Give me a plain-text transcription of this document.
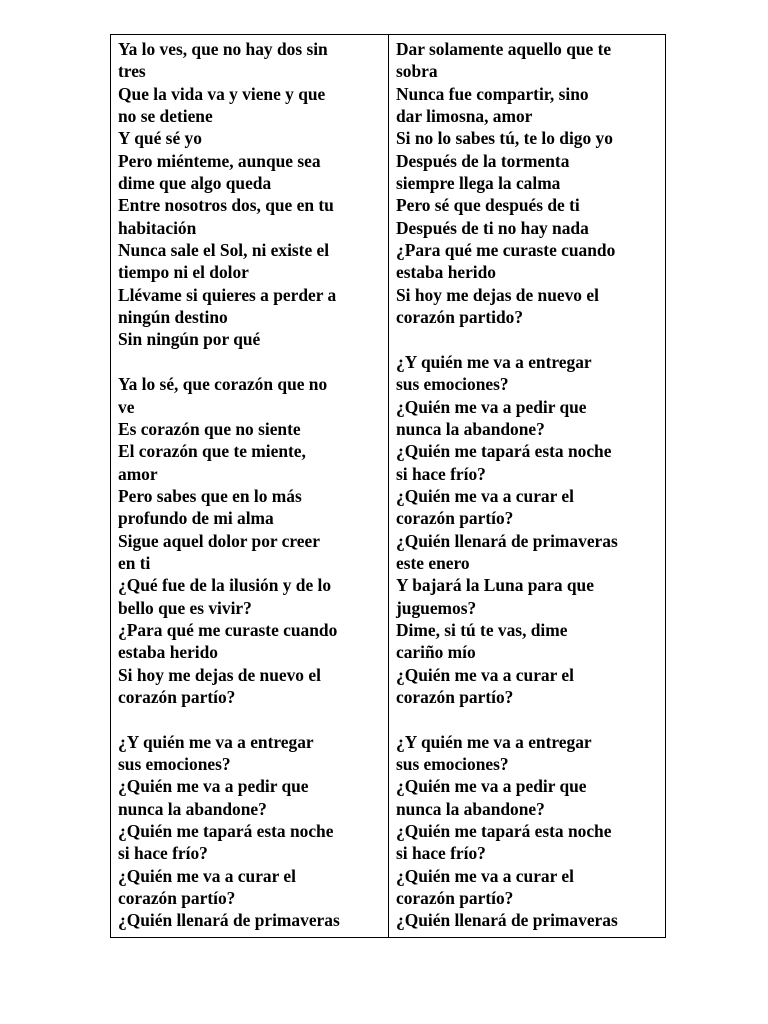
Ya lo ves, que no hay dos sin
tres
Que la vida va y viene y que
no se detiene
Y qué sé yo
Pero miénteme, aunque sea
dime que algo queda
Entre nosotros dos, que en tu
habitación
Nunca sale el Sol, ni existe el
tiempo ni el dolor
Llévame si quieres a perder a
ningún destino
Sin ningún por qué
Ya lo sé, que corazón que no
ve
Es corazón que no siente
El corazón que te miente,
amor
Pero sabes que en lo más
profundo de mi alma
Sigue aquel dolor por creer
en ti
¿Qué fue de la ilusión y de lo
bello que es vivir?
¿Para qué me curaste cuando
estaba herido
Si hoy me dejas de nuevo el
corazón partío?
¿Y quién me va a entregar
sus emociones?
¿Quién me va a pedir que
nunca la abandone?
¿Quién me tapará esta noche
si hace frío?
¿Quién me va a curar el
corazón partío?
¿Quién llenará de primaveras
Dar solamente aquello que te
sobra
Nunca fue compartir, sino
dar limosna, amor
Si no lo sabes tú, te lo digo yo
Después de la tormenta
siempre llega la calma
Pero sé que después de ti
Después de ti no hay nada
¿Para qué me curaste cuando
estaba herido
Si hoy me dejas de nuevo el
corazón partido?
¿Y quién me va a entregar
sus emociones?
¿Quién me va a pedir que
nunca la abandone?
¿Quién me tapará esta noche
si hace frío?
¿Quién me va a curar el
corazón partío?
¿Quién llenará de primaveras
este enero
Y bajará la Luna para que
juguemos?
Dime, si tú te vas, dime
cariño mío
¿Quién me va a curar el
corazón partío?
¿Y quién me va a entregar
sus emociones?
¿Quién me va a pedir que
nunca la abandone?
¿Quién me tapará esta noche
si hace frío?
¿Quién me va a curar el
corazón partío?
¿Quién llenará de primaveras
